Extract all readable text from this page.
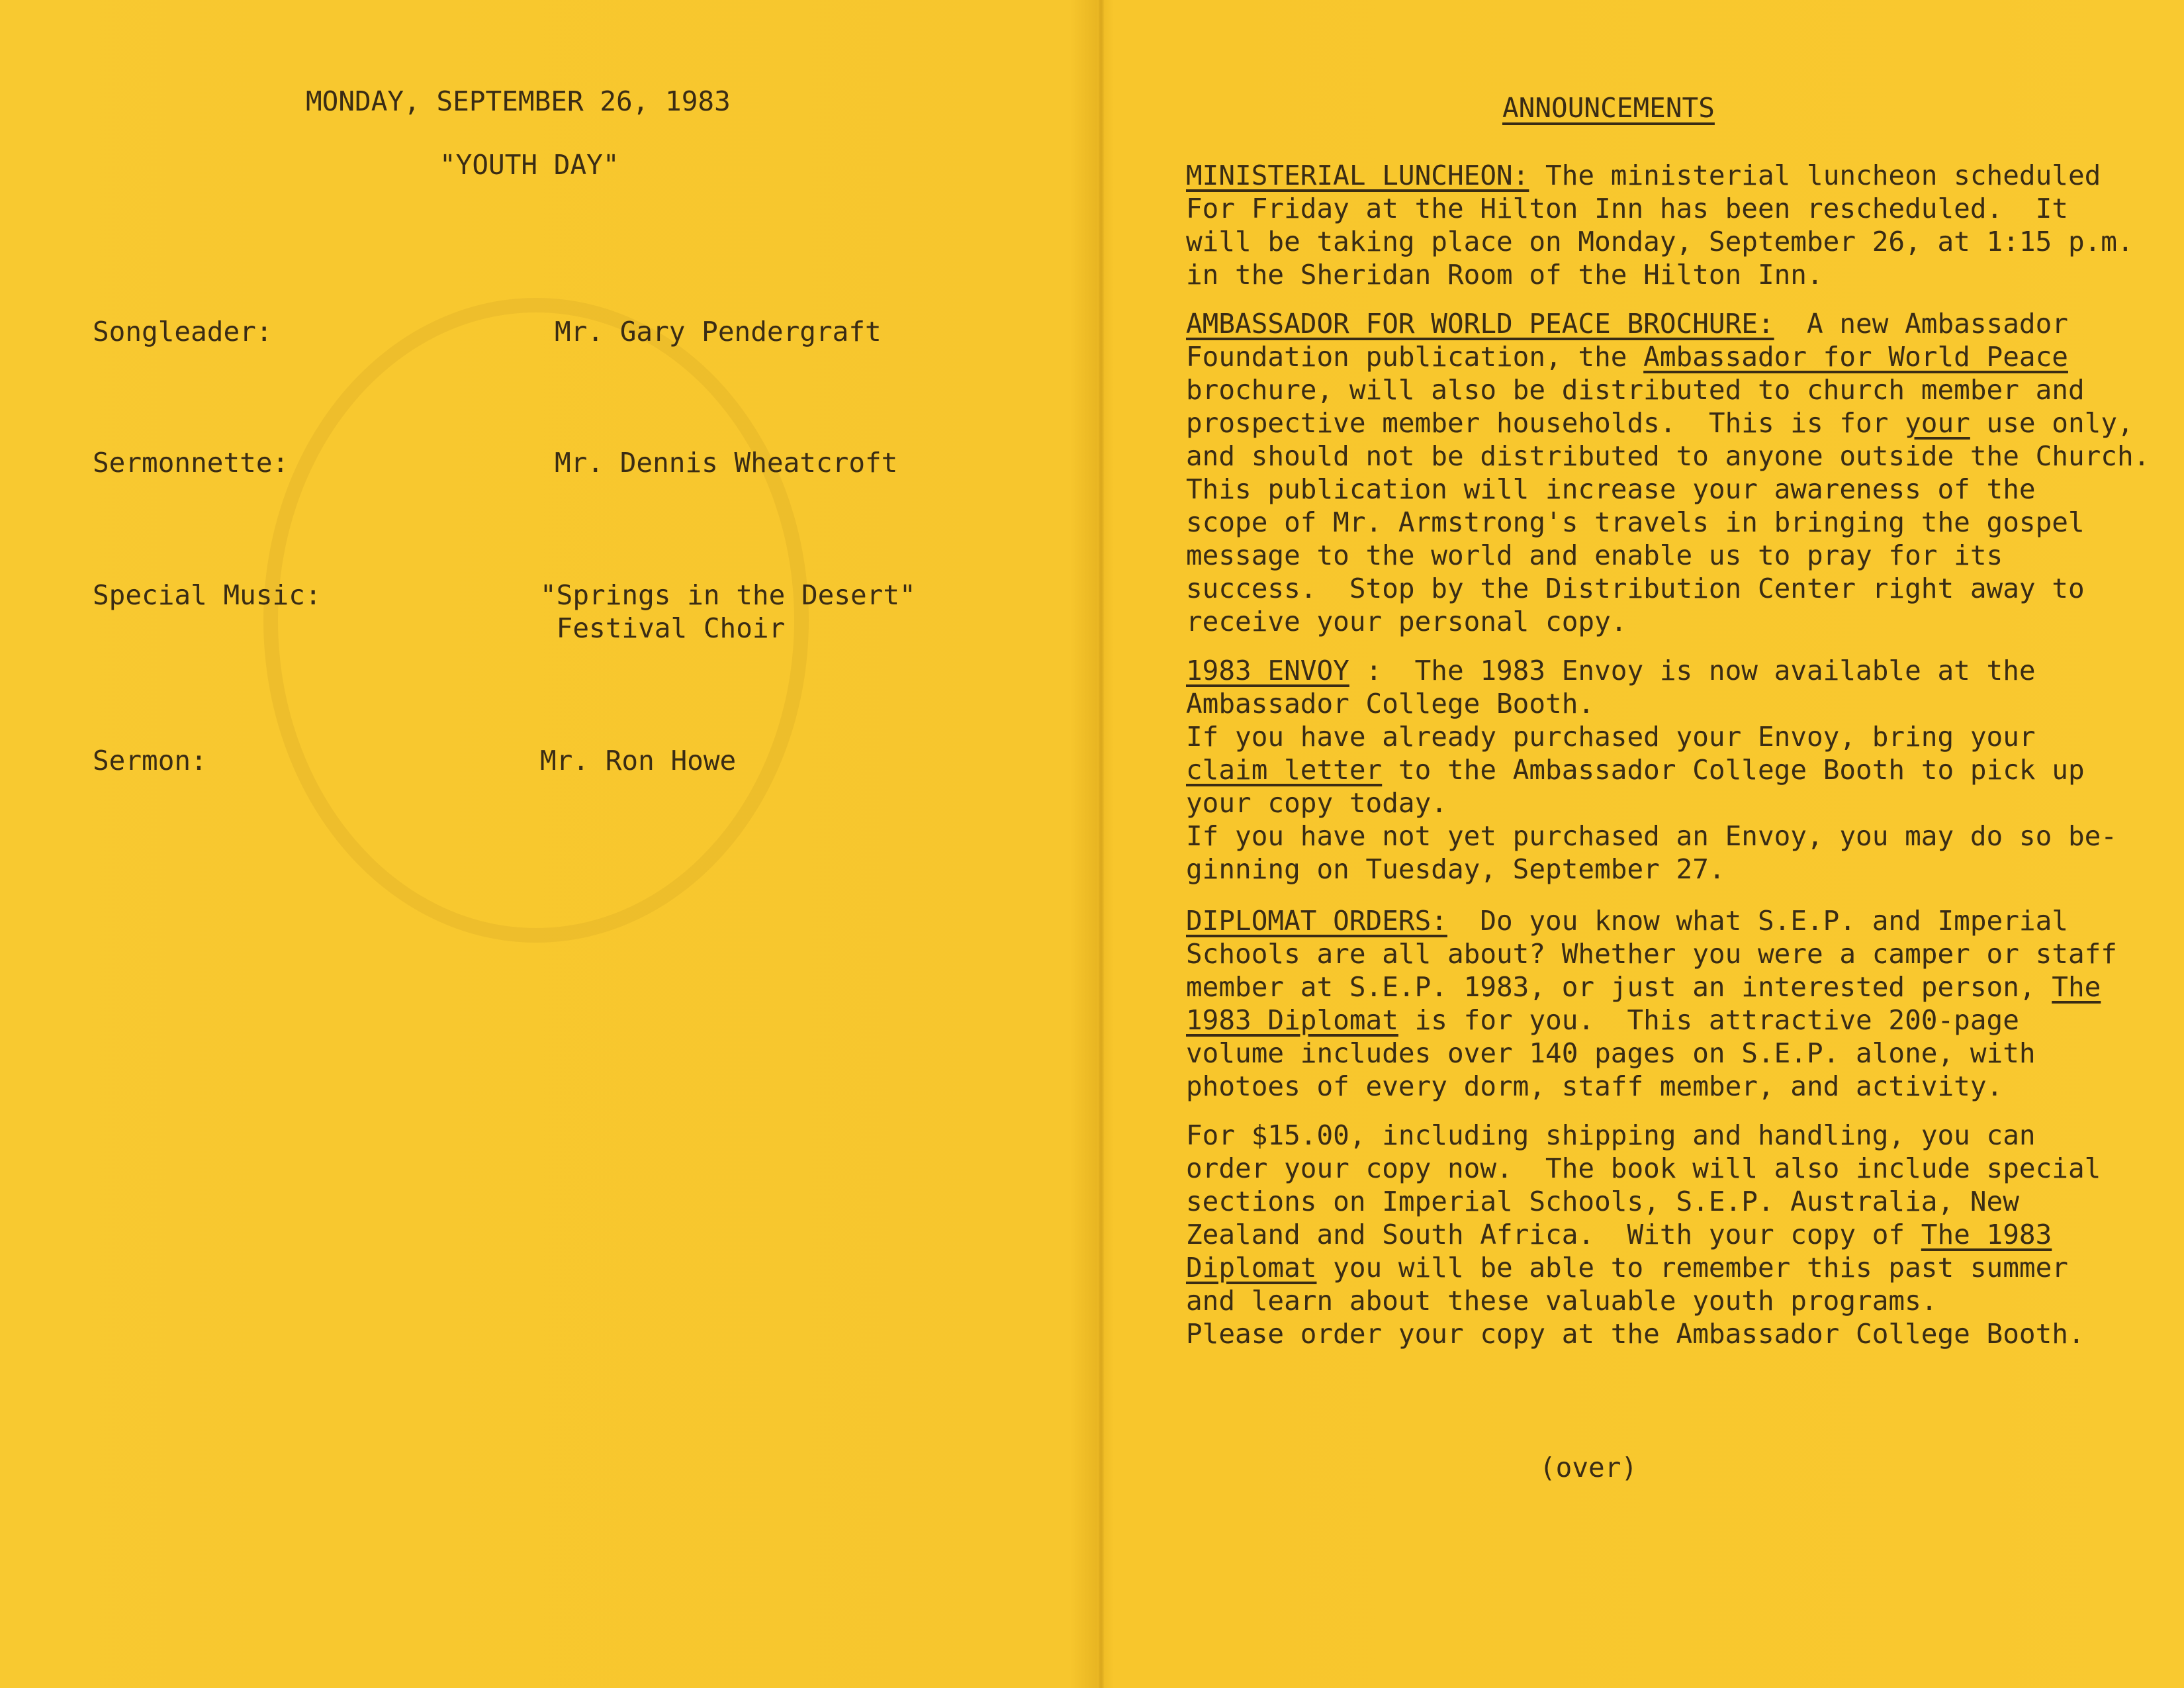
MONDAY, SEPTEMBER 26, 1983
"YOUTH DAY"
Songleader:	Mr. Gary Pendergraft
Sermonnette:	Mr. Dennis Wheatcroft
Special Music:	"Springs in the Desert"
Festival Choir
Sermon:	Mr. Ron Howe
ANNOUNCEMENTS
MINISTERIAL LUNCHEON: The ministerial luncheon scheduled
For Friday at the Hilton Inn has been rescheduled.  It
will be taking place on Monday, September 26, at 1:15 p.m.
in the Sheridan Room of the Hilton Inn.
AMBASSADOR FOR WORLD PEACE BROCHURE:  A new Ambassador
Foundation publication, the Ambassador for World Peace
brochure, will also be distributed to church member and
prospective member households.  This is for your use only,
and should not be distributed to anyone outside the Church.
This publication will increase your awareness of the
scope of Mr. Armstrong's travels in bringing the gospel
message to the world and enable us to pray for its
success.  Stop by the Distribution Center right away to
receive your personal copy.
1983 ENVOY :  The 1983 Envoy is now available at the
Ambassador College Booth.
If you have already purchased your Envoy, bring your
claim letter to the Ambassador College Booth to pick up
your copy today.
If you have not yet purchased an Envoy, you may do so be-
ginning on Tuesday, September 27.
DIPLOMAT ORDERS:  Do you know what S.E.P. and Imperial
Schools are all about? Whether you were a camper or staff
member at S.E.P. 1983, or just an interested person, The
1983 Diplomat is for you.  This attractive 200-page
volume includes over 140 pages on S.E.P. alone, with
photoes of every dorm, staff member, and activity.
For $15.00, including shipping and handling, you can
order your copy now.  The book will also include special
sections on Imperial Schools, S.E.P. Australia, New
Zealand and South Africa.  With your copy of The 1983
Diplomat you will be able to remember this past summer
and learn about these valuable youth programs.
Please order your copy at the Ambassador College Booth.
(over)
